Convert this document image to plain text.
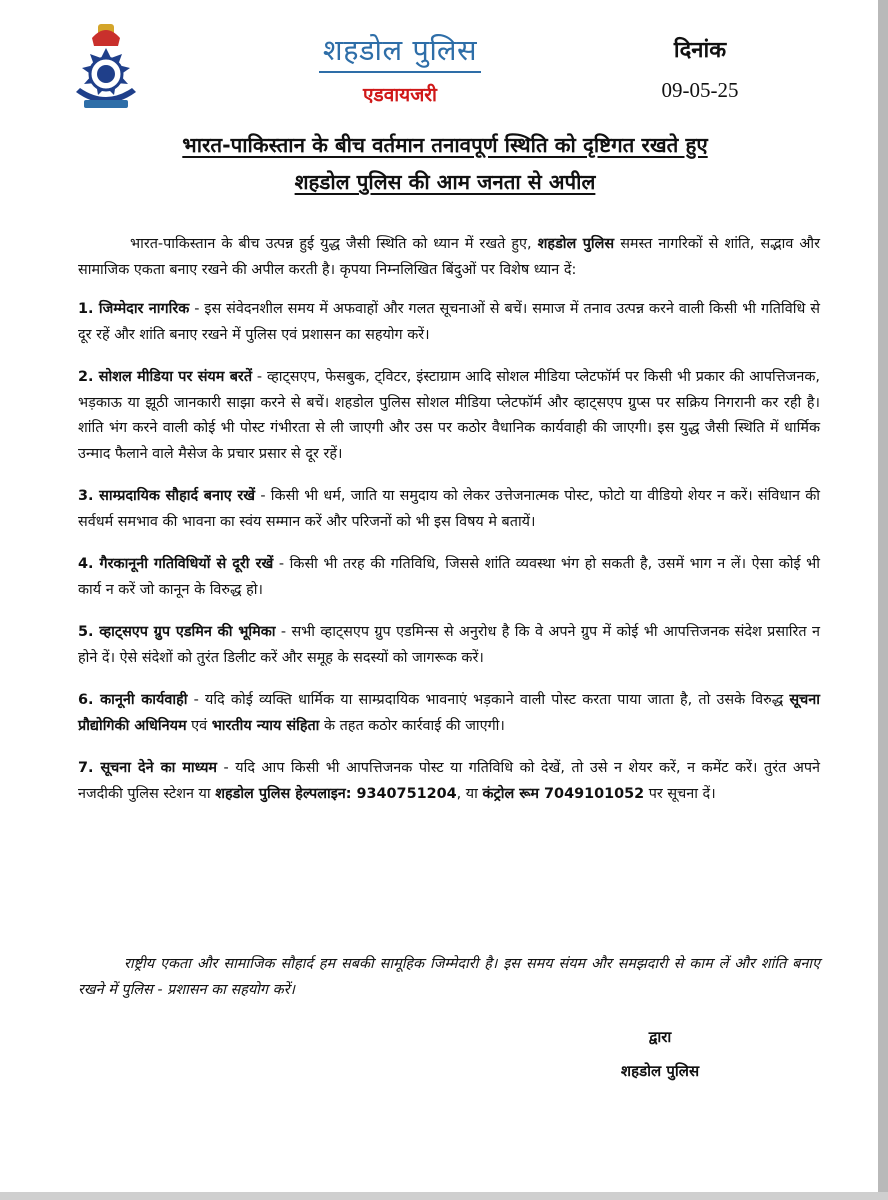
शहडोल पुलिस
एडवायजरी
दिनांक
09-05-25
भारत-पाकिस्तान के बीच वर्तमान तनावपूर्ण स्थिति को दृष्टिगत रखते हुए
शहडोल पुलिस की आम जनता से अपील

भारत-पाकिस्तान के बीच उत्पन्न हुई युद्ध जैसी स्थिति को ध्यान में रखते हुए, शहडोल पुलिस समस्त नागरिकों से शांति, सद्भाव और सामाजिक एकता बनाए रखने की अपील करती है। कृपया निम्नलिखित बिंदुओं पर विशेष ध्यान दें:

1. जिम्मेदार नागरिक - इस संवेदनशील समय में अफवाहों और गलत सूचनाओं से बचें। समाज में तनाव उत्पन्न करने वाली किसी भी गतिविधि से दूर रहें और शांति बनाए रखने में पुलिस एवं प्रशासन का सहयोग करें।

2. सोशल मीडिया पर संयम बरतें - व्हाट्सएप, फेसबुक, ट्विटर, इंस्टाग्राम आदि सोशल मीडिया प्लेटफॉर्म पर किसी भी प्रकार की आपत्तिजनक, भड़काऊ या झूठी जानकारी साझा करने से बचें। शहडोल पुलिस सोशल मीडिया प्लेटफॉर्म और व्हाट्सएप ग्रुप्स पर सक्रिय निगरानी कर रही है। शांति भंग करने वाली कोई भी पोस्ट गंभीरता से ली जाएगी और उस पर कठोर वैधानिक कार्यवाही की जाएगी। इस युद्ध जैसी स्थिति में धार्मिक उन्माद फैलाने वाले मैसेज के प्रचार प्रसार से दूर रहें।

3. साम्प्रदायिक सौहार्द बनाए रखें - किसी भी धर्म, जाति या समुदाय को लेकर उत्तेजनात्मक पोस्ट, फोटो या वीडियो शेयर न करें। संविधान की सर्वधर्म समभाव की भावना का स्वंय सम्मान करें और परिजनों को भी इस विषय मे बतायें।

4. गैरकानूनी गतिविधियों से दूरी रखें - किसी भी तरह की गतिविधि, जिससे शांति व्यवस्था भंग हो सकती है, उसमें भाग न लें। ऐसा कोई भी कार्य न करें जो कानून के विरुद्ध हो।

5. व्हाट्सएप ग्रुप एडमिन की भूमिका - सभी व्हाट्सएप ग्रुप एडमिन्स से अनुरोध है कि वे अपने ग्रुप में कोई भी आपत्तिजनक संदेश प्रसारित न होने दें। ऐसे संदेशों को तुरंत डिलीट करें और समूह के सदस्यों को जागरूक करें।

6. कानूनी कार्यवाही - यदि कोई व्यक्ति धार्मिक या साम्प्रदायिक भावनाएं भड़काने वाली पोस्ट करता पाया जाता है, तो उसके विरुद्ध सूचना प्रौद्योगिकी अधिनियम एवं भारतीय न्याय संहिता के तहत कठोर कार्रवाई की जाएगी।

7. सूचना देने का माध्यम - यदि आप किसी भी आपत्तिजनक पोस्ट या गतिविधि को देखें, तो उसे न शेयर करें, न कमेंट करें। तुरंत अपने नजदीकी पुलिस स्टेशन या शहडोल पुलिस हेल्पलाइन: 9340751204, या कंट्रोल रूम 7049101052 पर सूचना दें।

राष्ट्रीय एकता और सामाजिक सौहार्द हम सबकी सामूहिक जिम्मेदारी है। इस समय संयम और समझदारी से काम लें और शांति बनाए रखने में पुलिस - प्रशासन का सहयोग करें।

द्वारा
शहडोल पुलिस
